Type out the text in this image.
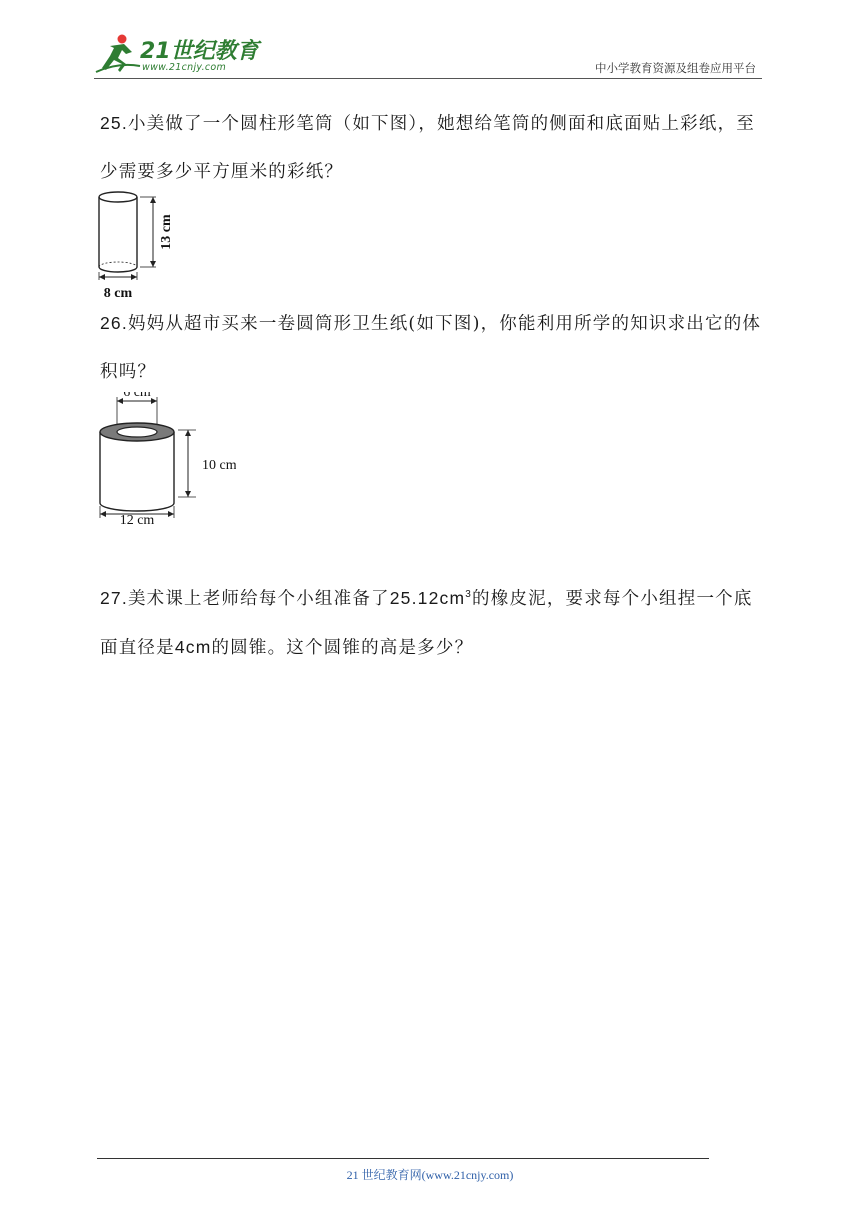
21世纪教育
www.21cnjy.com	中小学教育资源及组卷应用平台
25.小美做了一个圆柱形笔筒（如下图），她想给笔筒的侧面和底面贴上彩纸，至少需要多少平方厘米的彩纸？
13 cm
8 cm
26.妈妈从超市买来一卷圆筒形卫生纸(如下图)，你能利用所学的知识求出它的体积吗？
6 cm
10 cm
12 cm
27.美术课上老师给每个小组准备了$25.12cm^3$的橡皮泥，要求每个小组捏一个底面直径是4cm的圆锥。这个圆锥的高是多少？
21 世纪教育网(www.21cnjy.com)
